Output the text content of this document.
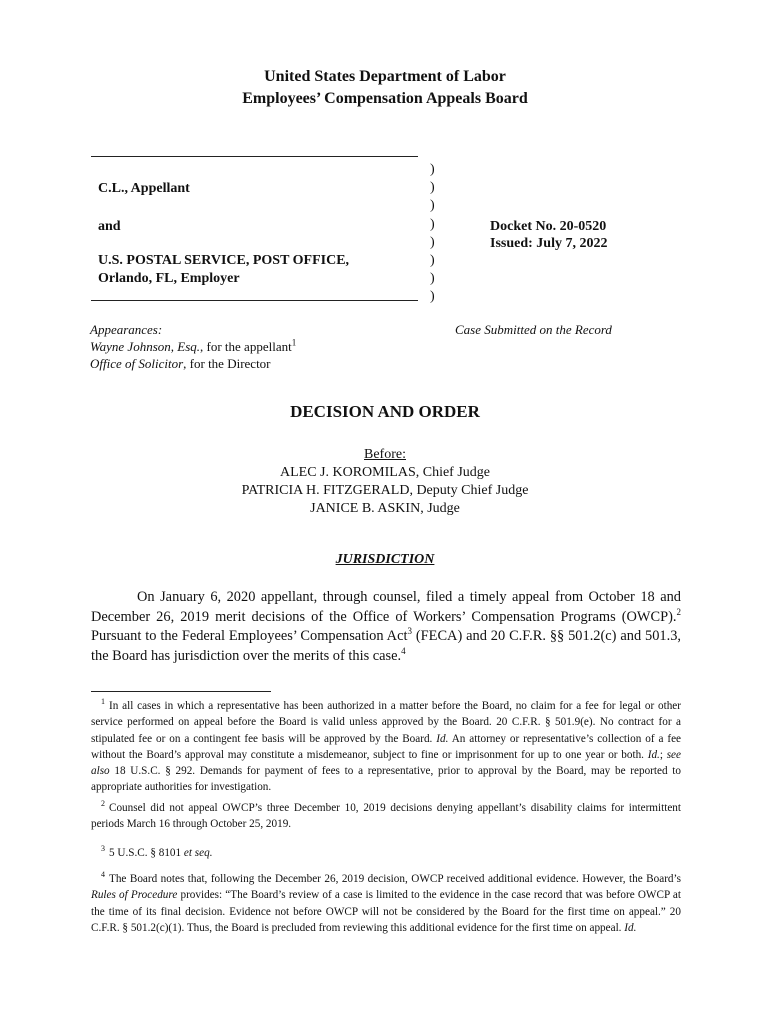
United States Department of Labor
Employees’ Compensation Appeals Board
C.L., Appellant
and
U.S. POSTAL SERVICE, POST OFFICE,
Orlando, FL, Employer
)
)
)
)
)
)
)
)
Docket No. 20-0520
Issued: July 7, 2022
Appearances:
Wayne Johnson, Esq., for the appellant$^1$
Office of Solicitor, for the Director
Case Submitted on the Record
DECISION AND ORDER
Before:
ALEC J. KOROMILAS, Chief Judge
PATRICIA H. FITZGERALD, Deputy Chief Judge
JANICE B. ASKIN, Judge
JURISDICTION
On January 6, 2020 appellant, through counsel, filed a timely appeal from October 18 and December 26, 2019 merit decisions of the Office of Workers’ Compensation Programs (OWCP).$^2$ Pursuant to the Federal Employees’ Compensation Act$^3$ (FECA) and 20 C.F.R. §§ 501.2(c) and 501.3, the Board has jurisdiction over the merits of this case.$^4$
$^1$ In all cases in which a representative has been authorized in a matter before the Board, no claim for a fee for legal or other service performed on appeal before the Board is valid unless approved by the Board. 20 C.F.R. § 501.9(e). No contract for a stipulated fee or on a contingent fee basis will be approved by the Board. Id. An attorney or representative’s collection of a fee without the Board’s approval may constitute a misdemeanor, subject to fine or imprisonment for up to one year or both. Id.; see also 18 U.S.C. § 292. Demands for payment of fees to a representative, prior to approval by the Board, may be reported to appropriate authorities for investigation.
$^2$ Counsel did not appeal OWCP’s three December 10, 2019 decisions denying appellant’s disability claims for intermittent periods March 16 through October 25, 2019.
$^3$ 5 U.S.C. § 8101 et seq.
$^4$ The Board notes that, following the December 26, 2019 decision, OWCP received additional evidence. However, the Board’s Rules of Procedure provides: “The Board’s review of a case is limited to the evidence in the case record that was before OWCP at the time of its final decision. Evidence not before OWCP will not be considered by the Board for the first time on appeal.” 20 C.F.R. § 501.2(c)(1). Thus, the Board is precluded from reviewing this additional evidence for the first time on appeal. Id.
